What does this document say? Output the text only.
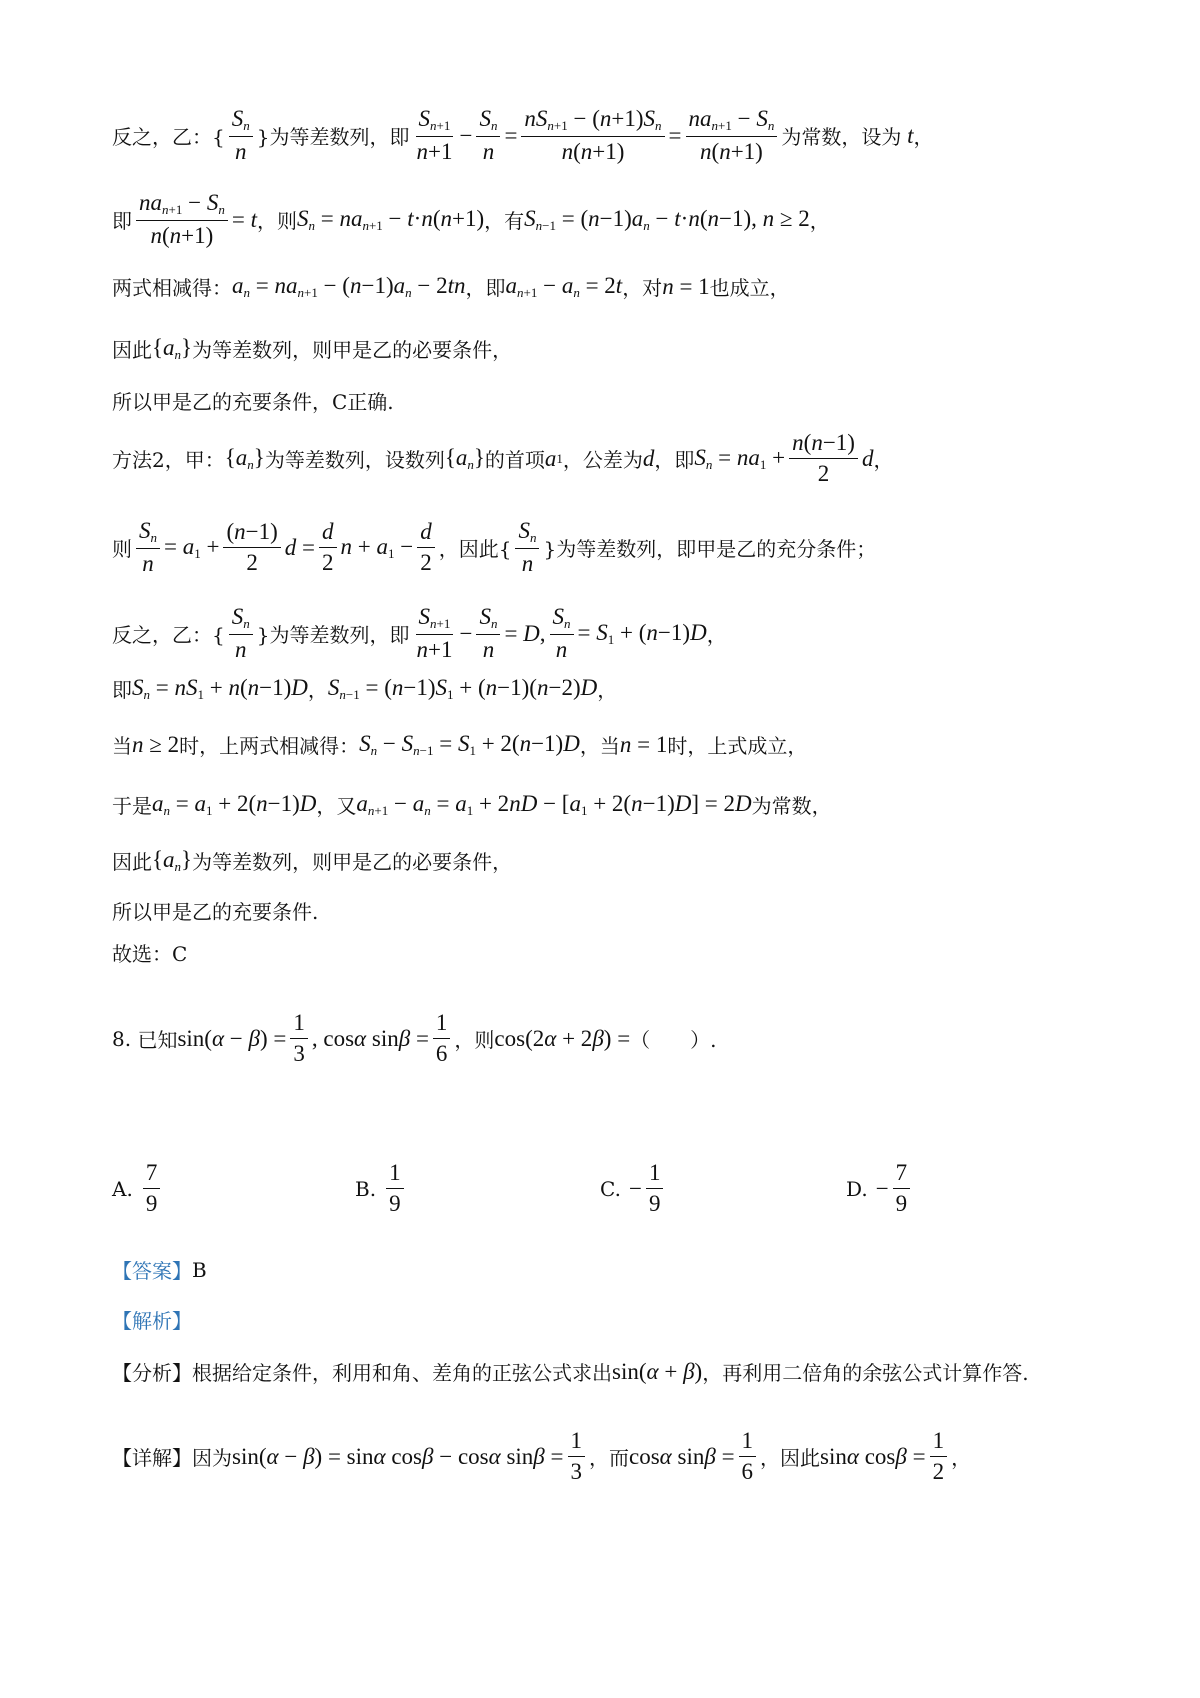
反之，乙：{ $\frac{S_n}{n}$ }为等差数列，即 $\frac{S_{n+1}}{n+1} - \frac{S_n}{n} = \frac{nS_{n+1} - (n+1)S_n}{n(n+1)} = \frac{na_{n+1} - S_n}{n(n+1)}$ 为常数，设为 t ，
即 $\frac{na_{n+1} - S_n}{n(n+1)} = t$ ，则 $S_n = na_{n+1} - t\cdot n(n+1)$ ，有 $S_{n-1} = (n-1)a_n - t\cdot n(n-1)$, n ≥ 2 ，
两式相减得： $a_n = na_{n+1} - (n-1)a_n - 2tn$ ，即 $a_{n+1} - a_n = 2t$ ，对 n = 1 也成立，
因此 $\{a_n\}$ 为等差数列，则甲是乙的必要条件，
所以甲是乙的充要条件，C正确.
方法2，甲： $\{a_n\}$ 为等差数列，设数列 $\{a_n\}$ 的首项 a 1 ，公差为 d ，即 $S_n = na_1 + \frac{n(n-1)}{2}$ d ，
则 $\frac{S_n}{n} = a_1 + \frac{(n-1)}{2}$ $d = \frac{d}{2}$ $n + a_1 - \frac{d}{2}$ ，因此{ $\frac{S_n}{n}$ }为等差数列，即甲是乙的充分条件；
反之，乙：{ $\frac{S_n}{n}$ }为等差数列，即 $\frac{S_{n+1}}{n+1} - \frac{S_n}{n} = D$, $\frac{S_n}{n} = S_1 + (n-1)D$ ，
即 $S_n = nS_1 + n(n-1)D$ ， $S_{n-1} = (n-1)S_1 + (n-1)(n-2)D$ ，
当 n ≥ 2 时，上两式相减得： $S_n - S_{n-1} = S_1 + 2(n-1)D$ ，当 n = 1 时，上式成立，
于是 $a_n = a_1 + 2(n-1)D$ ，又 $a_{n+1} - a_n = a_1 + 2nD - [a_1 + 2(n-1)D] = 2D$ 为常数，
因此 $\{a_n\}$ 为等差数列，则甲是乙的必要条件，
所以甲是乙的充要条件.
故选：C
8. 已知 $\sin(\alpha - \beta) = \frac{1}{3}$ , cosα $\sin\beta = \frac{1}{6}$ ，则 cos(2α + 2β) = （　　）.
A. $\frac{7}{9}$	B. $\frac{1}{9}$	C. − $\frac{1}{9}$	D. − $\frac{7}{9}$
【答案】 B
【解析】
【分析】 根据给定条件，利用和角、差角的正弦公式求出 sin(α + β) ，再利用二倍角的余弦公式计算作答.
【详解】 因为 sin(α − β) = sinα cosβ − cosα $\sin\beta = \frac{1}{3}$ ，而 cosα $\sin\beta = \frac{1}{6}$ ，因此 sinα $\cos\beta = \frac{1}{2}$ ，
